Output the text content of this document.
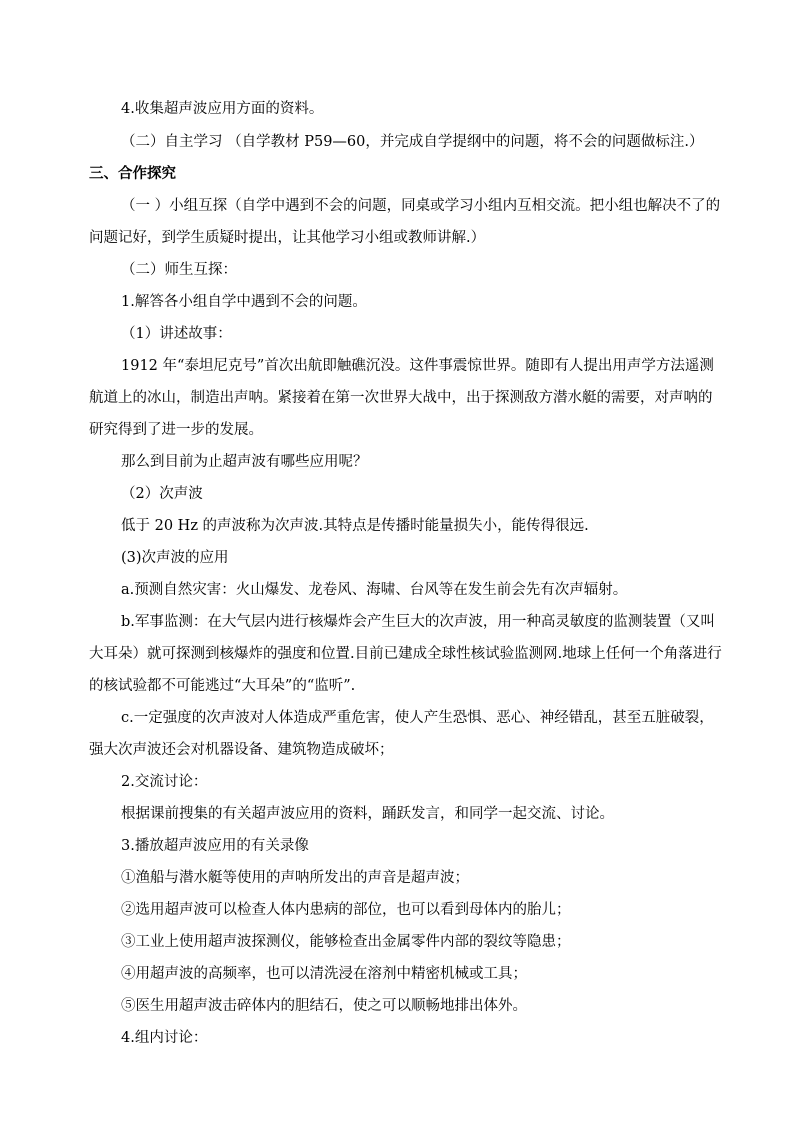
4.收集超声波应用方面的资料。
（二）自主学习 （自学教材 P59—60，并完成自学提纲中的问题，将不会的问题做标注.）
三、合作探究
（一 ）小组互探（自学中遇到不会的问题，同桌或学习小组内互相交流。把小组也解决不了的
问题记好，到学生质疑时提出，让其他学习小组或教师讲解.）
（二）师生互探：
1.解答各小组自学中遇到不会的问题。
（1）讲述故事：
1912 年“泰坦尼克号”首次出航即触礁沉没。这件事震惊世界。随即有人提出用声学方法遥测
航道上的冰山，制造出声呐。紧接着在第一次世界大战中，出于探测敌方潜水艇的需要，对声呐的
研究得到了进一步的发展。
那么到目前为止超声波有哪些应用呢？
（2）次声波
低于 20 Hz 的声波称为次声波.其特点是传播时能量损失小，能传得很远.
(3)次声波的应用
a.预测自然灾害：火山爆发、龙卷风、海啸、台风等在发生前会先有次声辐射。
b.军事监测：在大气层内进行核爆炸会产生巨大的次声波，用一种高灵敏度的监测装置（又叫
大耳朵）就可探测到核爆炸的强度和位置.目前已建成全球性核试验监测网.地球上任何一个角落进行
的核试验都不可能逃过“大耳朵”的“监听”.
c.一定强度的次声波对人体造成严重危害，使人产生恐惧、恶心、神经错乱，甚至五脏破裂，
强大次声波还会对机器设备、建筑物造成破坏；
2.交流讨论：
根据课前搜集的有关超声波应用的资料，踊跃发言，和同学一起交流、讨论。
3.播放超声波应用的有关录像
①渔船与潜水艇等使用的声呐所发出的声音是超声波；
②选用超声波可以检查人体内患病的部位，也可以看到母体内的胎儿；
③工业上使用超声波探测仪，能够检查出金属零件内部的裂纹等隐患；
④用超声波的高频率，也可以清洗浸在溶剂中精密机械或工具；
⑤医生用超声波击碎体内的胆结石，使之可以顺畅地排出体外。
4.组内讨论：
